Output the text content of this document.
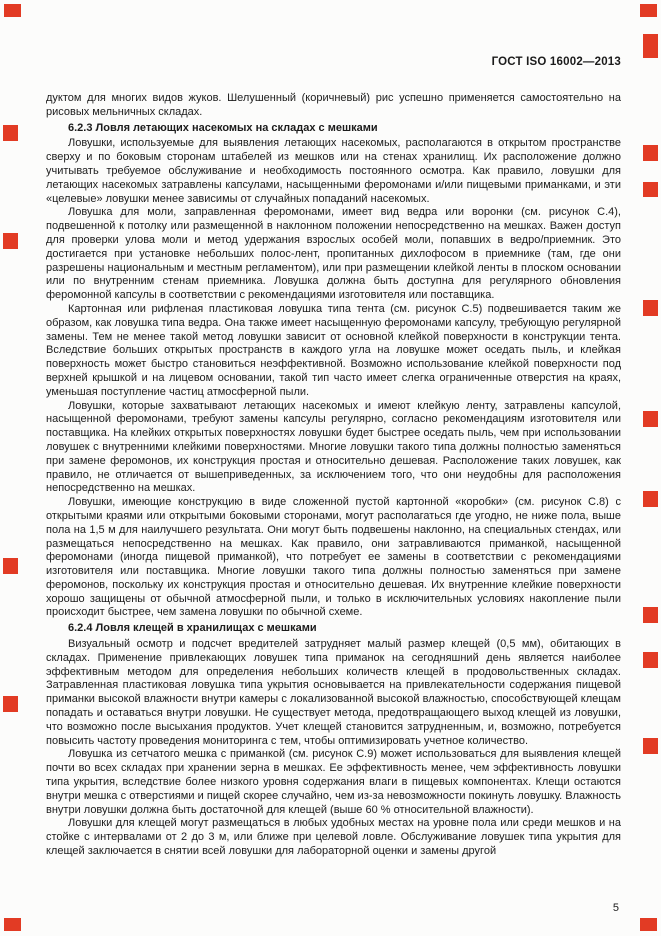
ГОСТ ISO 16002—2013

дуктом для многих видов жуков. Шелушенный (коричневый) рис успешно применяется самостоятельно на рисовых мельничных складах.

6.2.3 Ловля летающих насекомых на складах с мешками

Ловушки, используемые для выявления летающих насекомых, располагаются в открытом пространстве сверху и по боковым сторонам штабелей из мешков или на стенах хранилищ. Их расположение должно учитывать требуемое обслуживание и необходимость постоянного осмотра. Как правило, ловушки для летающих насекомых затравлены капсулами, насыщенными феромонами и/или пищевыми приманками, и эти «целевые» ловушки менее зависимы от случайных попаданий насекомых.

Ловушка для моли, заправленная феромонами, имеет вид ведра или воронки (см. рисунок С.4), подвешенной к потолку или размещенной в наклонном положении непосредственно на мешках. Важен доступ для проверки улова моли и метод удержания взрослых особей моли, попавших в ведро/приемник. Это достигается при установке небольших полос-лент, пропитанных дихлофосом в приемнике (там, где они разрешены национальным и местным регламентом), или при размещении клейкой ленты в плоском основании или по внутренним стенам приемника. Ловушка должна быть доступна для регулярного обновления феромонной капсулы в соответствии с рекомендациями изготовителя или поставщика.

Картонная или рифленая пластиковая ловушка типа тента (см. рисунок С.5) подвешивается таким же образом, как ловушка типа ведра. Она также имеет насыщенную феромонами капсулу, требующую регулярной замены. Тем не менее такой метод ловушки зависит от основной клейкой поверхности в конструкции тента. Вследствие больших открытых пространств в каждого угла на ловушке может оседать пыль, и клейкая поверхность может быстро становиться неэффективной. Возможно использование клейкой поверхности под верхней крышкой и на лицевом основании, такой тип часто имеет слегка ограниченные отверстия на краях, уменьшая поступление частиц атмосферной пыли.

Ловушки, которые захватывают летающих насекомых и имеют клейкую ленту, затравлены капсулой, насыщенной феромонами, требуют замены капсулы регулярно, согласно рекомендациям изготовителя или поставщика. На клейких открытых поверхностях ловушки будет быстрее оседать пыль, чем при использовании ловушек с внутренними клейкими поверхностями. Многие ловушки такого типа должны полностью заменяться при замене феромонов, их конструкция простая и относительно дешевая. Расположение таких ловушек, как правило, не отличается от вышеприведенных, за исключением того, что они неудобны для расположения непосредственно на мешках.

Ловушки, имеющие конструкцию в виде сложенной пустой картонной «коробки» (см. рисунок С.8) с открытыми краями или открытыми боковыми сторонами, могут располагаться где угодно, не ниже пола, выше пола на 1,5 м для наилучшего результата. Они могут быть подвешены наклонно, на специальных стендах, или размещаться непосредственно на мешках. Как правило, они затравливаются приманкой, насыщенной феромонами (иногда пищевой приманкой), что потребует ее замены в соответствии с рекомендациями изготовителя или поставщика. Многие ловушки такого типа должны полностью заменяться при замене феромонов, поскольку их конструкция простая и относительно дешевая. Их внутренние клейкие поверхности хорошо защищены от обычной атмосферной пыли, и только в исключительных условиях накопление пыли происходит быстрее, чем замена ловушки по обычной схеме.

6.2.4 Ловля клещей в хранилищах с мешками

Визуальный осмотр и подсчет вредителей затрудняет малый размер клещей (0,5 мм), обитающих в складах. Применение привлекающих ловушек типа приманок на сегодняшний день является наиболее эффективным методом для определения небольших количеств клещей в продовольственных складах. Затравленная пластиковая ловушка типа укрытия основывается на привлекательности содержания пищевой приманки высокой влажности внутри камеры с локализованной высокой влажностью, способствующей клещам попадать и оставаться внутри ловушки. Не существует метода, предотвращающего выход клещей из ловушки, что возможно после высыхания продуктов. Учет клещей становится затрудненным, и, возможно, потребуется повысить частоту проведения мониторинга с тем, чтобы оптимизировать учетное количество.

Ловушка из сетчатого мешка с приманкой (см. рисунок С.9) может использоваться для выявления клещей почти во всех складах при хранении зерна в мешках. Ее эффективность менее, чем эффективность ловушки типа укрытия, вследствие более низкого уровня содержания влаги в пищевых компонентах. Клещи остаются внутри мешка с отверстиями и пищей скорее случайно, чем из-за невозможности покинуть ловушку. Влажность внутри ловушки должна быть достаточной для клещей (выше 60 % относительной влажности).

Ловушки для клещей могут размещаться в любых удобных местах на уровне пола или среди мешков и на стойке с интервалами от 2 до 3 м, или ближе при целевой ловле. Обслуживание ловушек типа укрытия для клещей заключается в снятии всей ловушки для лабораторной оценки и замены другой

5
